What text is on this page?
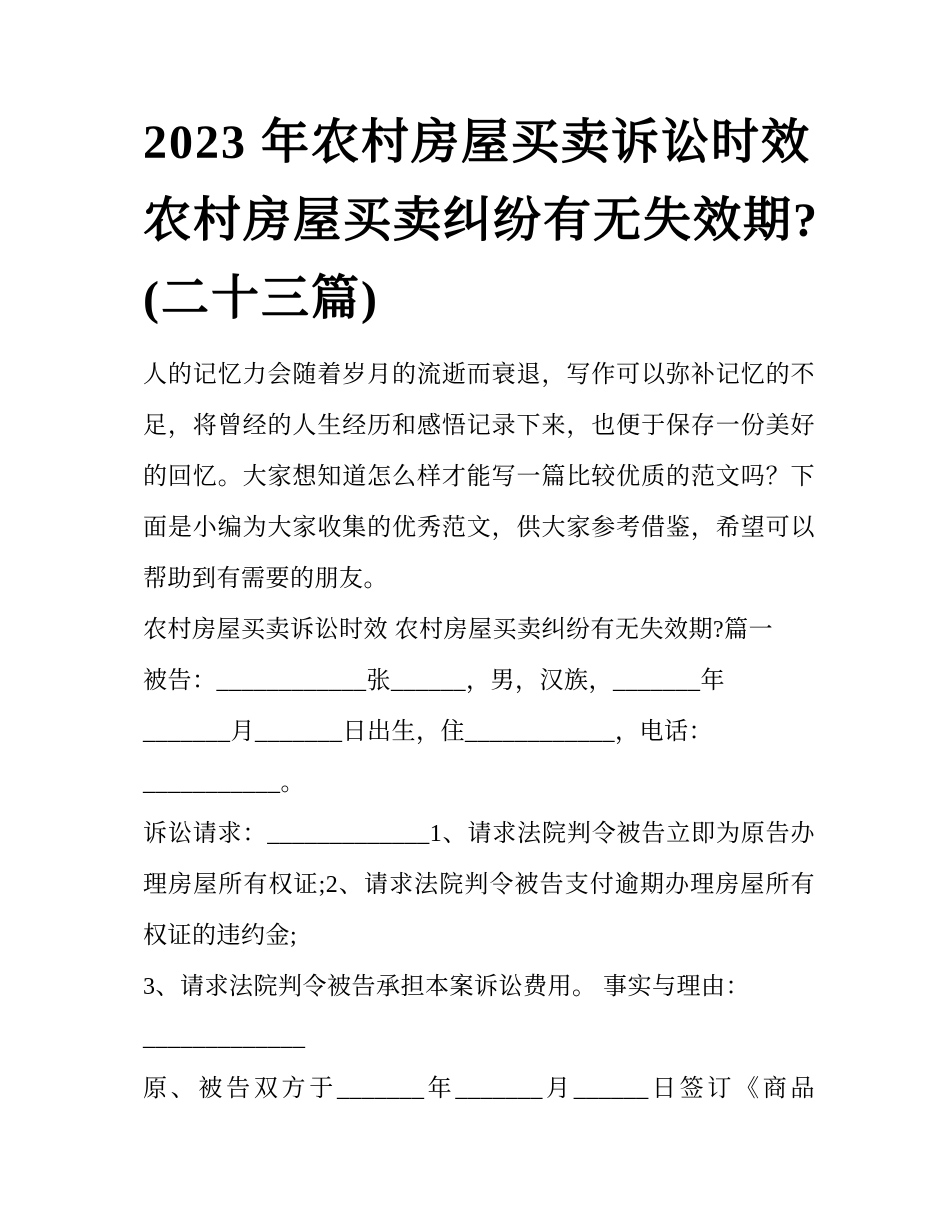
2023 年农村房屋买卖诉讼时效
农村房屋买卖纠纷有无失效期?
(二十三篇)
人的记忆力会随着岁月的流逝而衰退，写作可以弥补记忆的不
足，将曾经的人生经历和感悟记录下来，也便于保存一份美好
的回忆。大家想知道怎么样才能写一篇比较优质的范文吗？下
面是小编为大家收集的优秀范文，供大家参考借鉴，希望可以
帮助到有需要的朋友。
农村房屋买卖诉讼时效 农村房屋买卖纠纷有无失效期?篇一
被告：____________张______，男，汉族，_______年
_______月_______日出生，住____________，电话：
___________。
诉讼请求：_____________1、请求法院判令被告立即为原告办
理房屋所有权证;2、请求法院判令被告支付逾期办理房屋所有
权证的违约金;
3、请求法院判令被告承担本案诉讼费用。 事实与理由：
_____________
原、被告双方于_______年_______月______日签订《商品
